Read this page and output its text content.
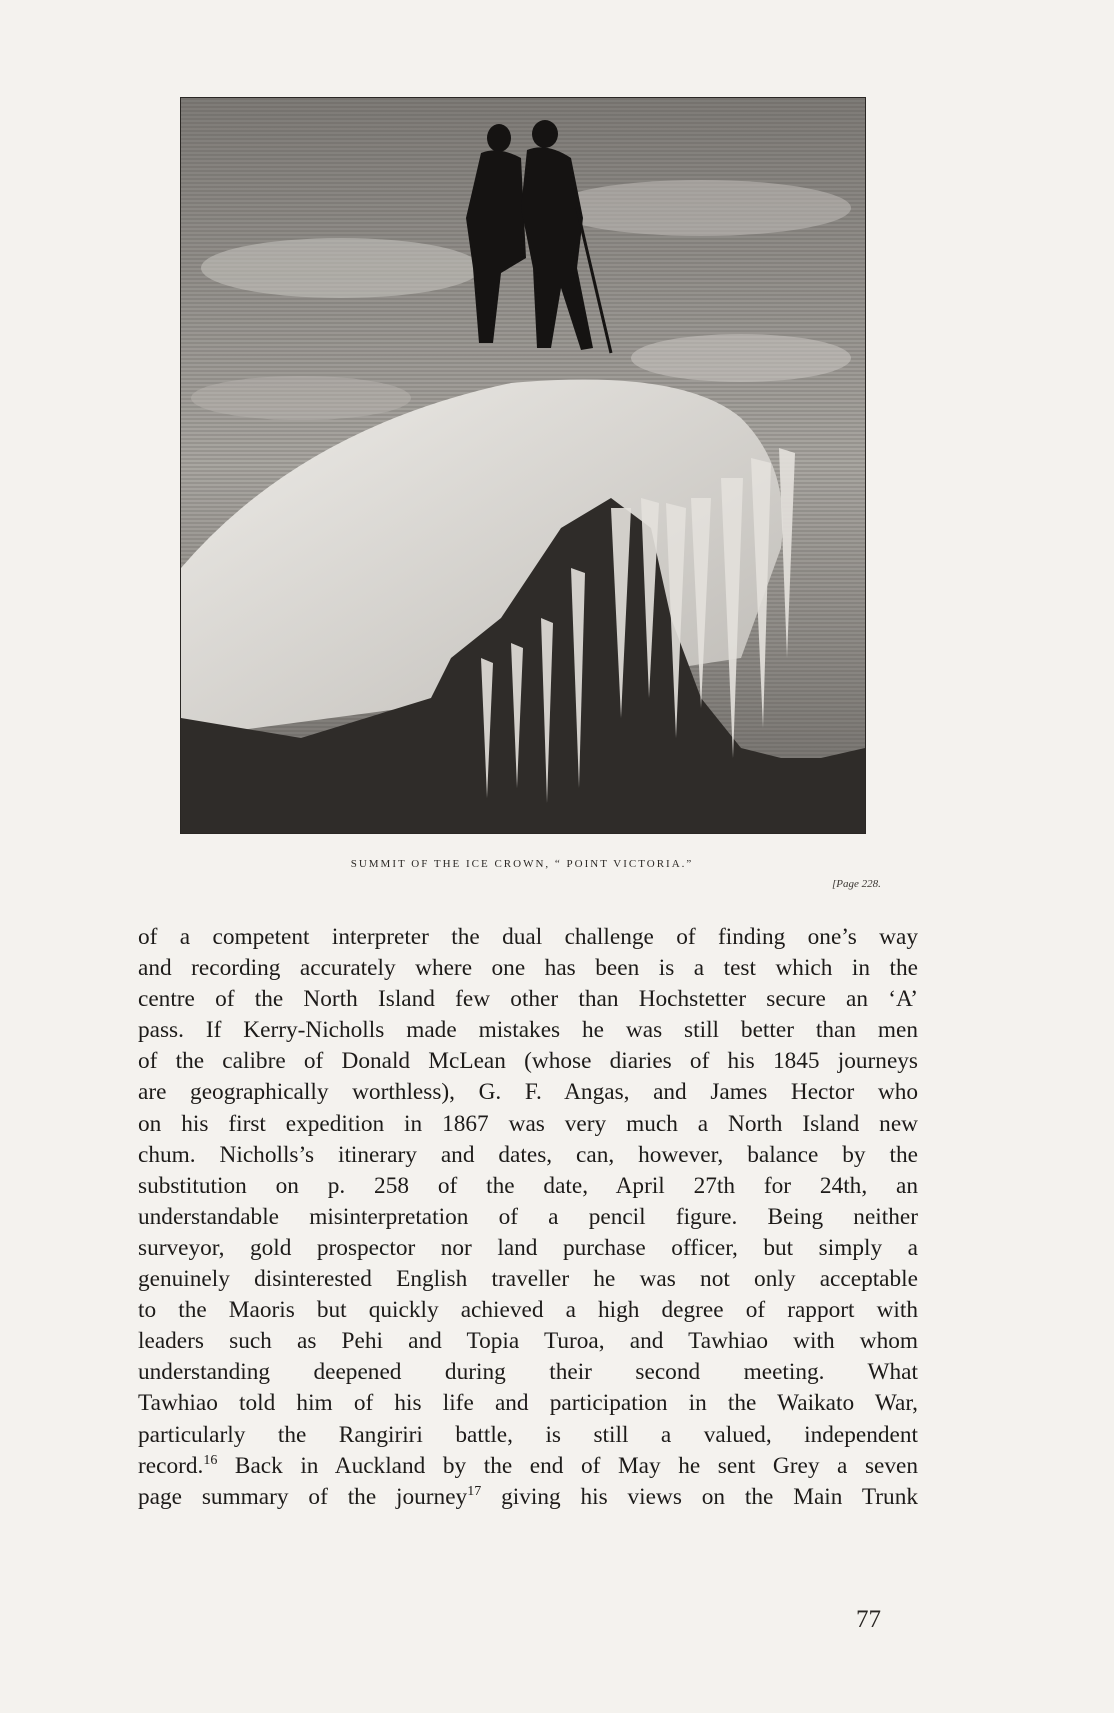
SUMMIT OF THE ICE CROWN, “ POINT VICTORIA.”
[Page 228.
of a competent interpreter the dual challenge of finding one’s way
and recording accurately where one has been is a test which in the
centre of the North Island few other than Hochstetter secure an ‘A’
pass. If Kerry-Nicholls made mistakes he was still better than men
of the calibre of Donald McLean (whose diaries of his 1845 journeys
are geographically worthless), G. F. Angas, and James Hector who
on his first expedition in 1867 was very much a North Island new
chum. Nicholls’s itinerary and dates, can, however, balance by the
substitution on p. 258 of the date, April 27th for 24th, an
understandable misinterpretation of a pencil figure. Being neither
surveyor, gold prospector nor land purchase officer, but simply a
genuinely disinterested English traveller he was not only acceptable
to the Maoris but quickly achieved a high degree of rapport with
leaders such as Pehi and Topia Turoa, and Tawhiao with whom
understanding deepened during their second meeting. What
Tawhiao told him of his life and participation in the Waikato War,
particularly the Rangiriri battle, is still a valued, independent
record.$^{16}$ Back in Auckland by the end of May he sent Grey a seven
page summary of the journey$^{17}$ giving his views on the Main Trunk
77
